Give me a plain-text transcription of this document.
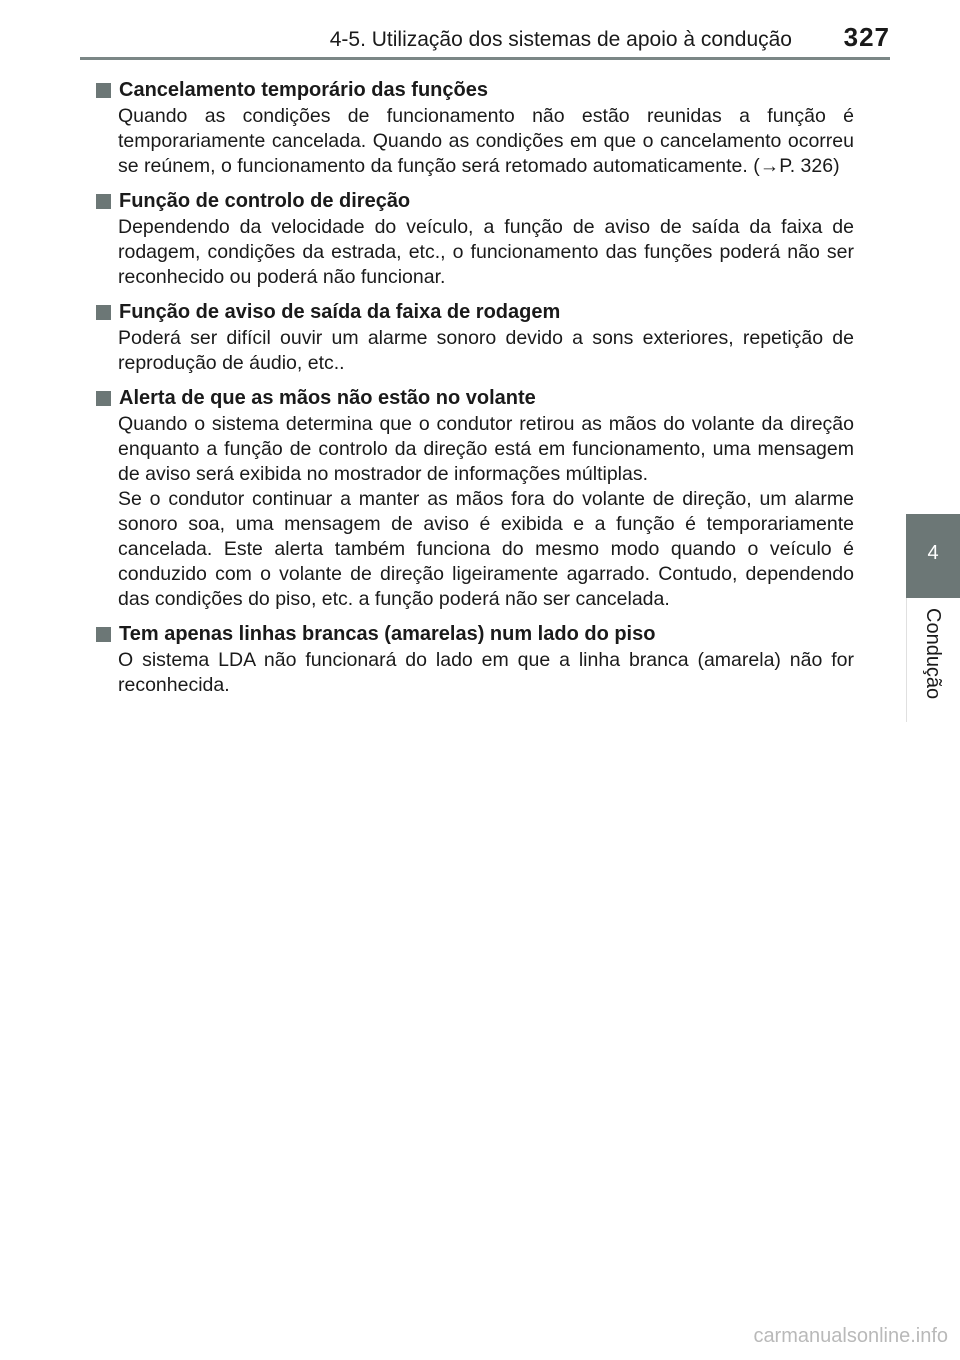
4-5. Utilização dos sistemas de apoio à condução 327
4
Condução
Cancelamento temporário das funções

Quando as condições de funcionamento não estão reunidas a função é temporariamente cancelada. Quando as condições em que o cancelamento ocorreu se reúnem, o funcionamento da função será retomado automaticamente. (→P. 326)

Função de controlo de direção

Dependendo da velocidade do veículo, a função de aviso de saída da faixa de rodagem, condições da estrada, etc., o funcionamento das funções poderá não ser reconhecido ou poderá não funcionar.

Função de aviso de saída da faixa de rodagem

Poderá ser difícil ouvir um alarme sonoro devido a sons exteriores, repetição de reprodução de áudio, etc..

Alerta de que as mãos não estão no volante

Quando o sistema determina que o condutor retirou as mãos do volante da direção enquanto a função de controlo da direção está em funcionamento, uma mensagem de aviso será exibida no mostrador de informações múltiplas.

Se o condutor continuar a manter as mãos fora do volante de direção, um alarme sonoro soa, uma mensagem de aviso é exibida e a função é temporariamente cancelada. Este alerta também funciona do mesmo modo quando o veículo é conduzido com o volante de direção ligeiramente agarrado. Contudo, dependendo das condições do piso, etc. a função poderá não ser cancelada.

Tem apenas linhas brancas (amarelas) num lado do piso

O sistema LDA não funcionará do lado em que a linha branca (amarela) não for reconhecida.

carmanualsonline.info
